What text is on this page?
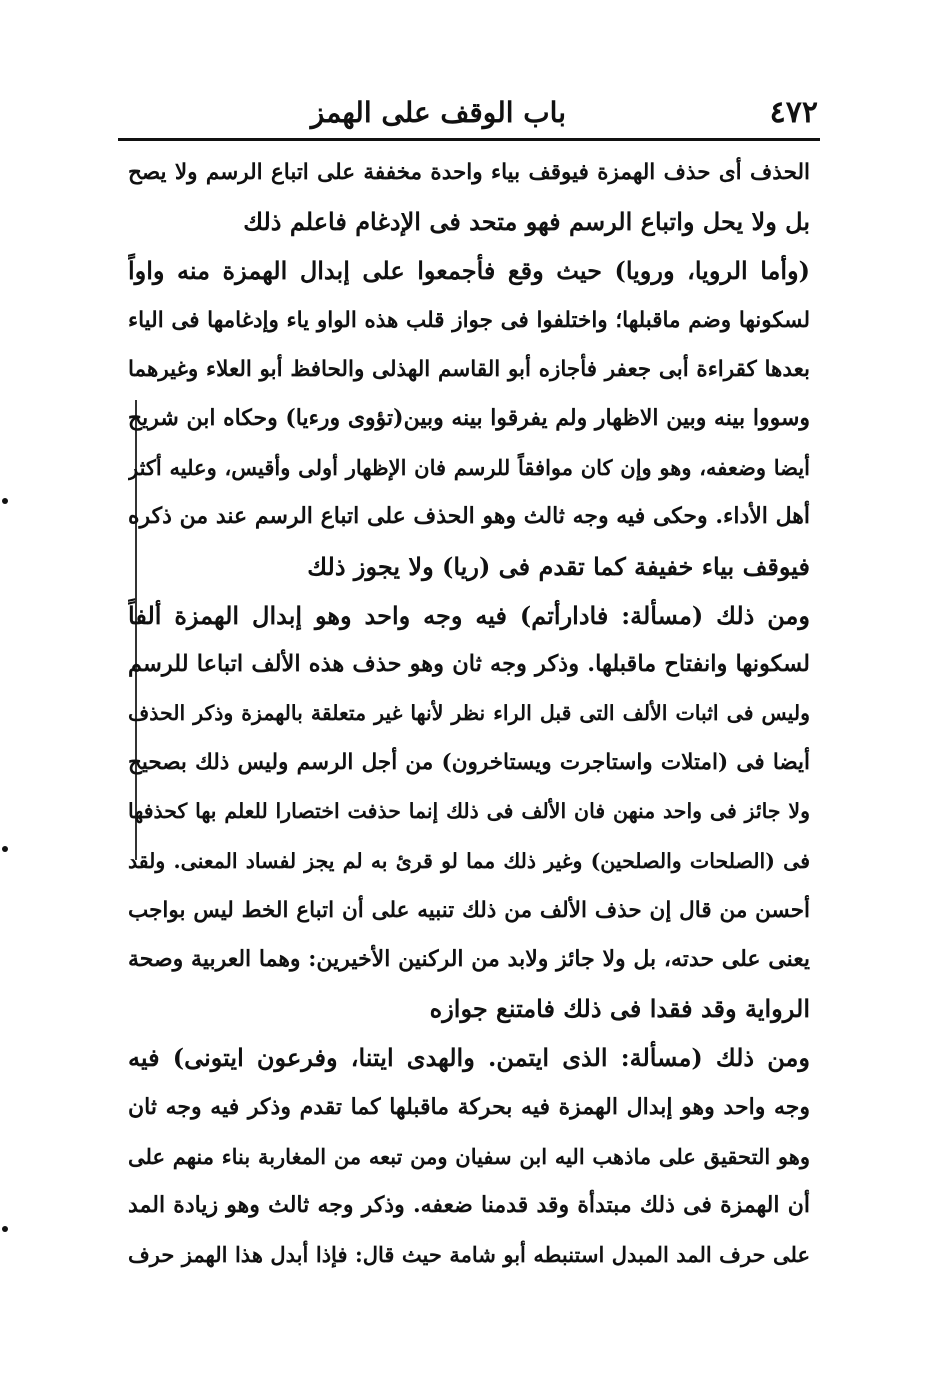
٤٧٢
باب الوقف على الهمز
الحذف أى حذف الهمزة فيوقف بياء واحدة مخففة على اتباع الرسم ولا يصح
بل ولا يحل واتباع الرسم فهو متحد فى الإدغام فاعلم ذلك
(وأما الرويا، ورويا) حيث وقع فأجمعوا على إبدال الهمزة منه واواً
لسكونها وضم ماقبلها؛ واختلفوا فى جواز قلب هذه الواو ياء وإدغامها فى الياء
بعدها كقراءة أبى جعفر فأجازه أبو القاسم الهذلى والحافظ أبو العلاء وغيرهما
وسووا بينه وبين الاظهار ولم يفرقوا بينه وبين(تؤوى ورءيا) وحكاه ابن شريح
أيضا وضعفه، وهو وإن كان موافقاً للرسم فان الإظهار أولى وأقيس، وعليه أكثر
أهل الأداء. وحكى فيه وجه ثالث وهو الحذف على اتباع الرسم عند من ذكره
فيوقف بياء خفيفة كما تقدم فى (ريا) ولا يجوز ذلك
ومن ذلك (مسألة: فادارأتم) فيه وجه واحد وهو إبدال الهمزة ألفاً
لسكونها وانفتاح ماقبلها. وذكر وجه ثان وهو حذف هذه الألف اتباعا للرسم
وليس فى اثبات الألف التى قبل الراء نظر لأنها غير متعلقة بالهمزة وذكر الحذف
أيضا فى (امتلات واستاجرت ويستاخرون) من أجل الرسم وليس ذلك بصحيح
ولا جائز فى واحد منهن فان الألف فى ذلك إنما حذفت اختصارا للعلم بها كحذفها
فى (الصلحات والصلحين) وغير ذلك مما لو قرئ به لم يجز لفساد المعنى. ولقد
أحسن من قال إن حذف الألف من ذلك تنبيه على أن اتباع الخط ليس بواجب
يعنى على حدته، بل ولا جائز ولابد من الركنين الأخيرين: وهما العربية وصحة
الرواية وقد فقدا فى ذلك فامتنع جوازه
ومن ذلك (مسألة: الذى ايتمن. والهدى ايتنا، وفرعون ايتونى) فيه
وجه واحد وهو إبدال الهمزة فيه بحركة ماقبلها كما تقدم وذكر فيه وجه ثان
وهو التحقيق على ماذهب اليه ابن سفيان ومن تبعه من المغاربة بناء منهم على
أن الهمزة فى ذلك مبتدأة وقد قدمنا ضعفه. وذكر وجه ثالث وهو زيادة المد
على حرف المد المبدل استنبطه أبو شامة حيث قال: فإذا أبدل هذا الهمز حرف
